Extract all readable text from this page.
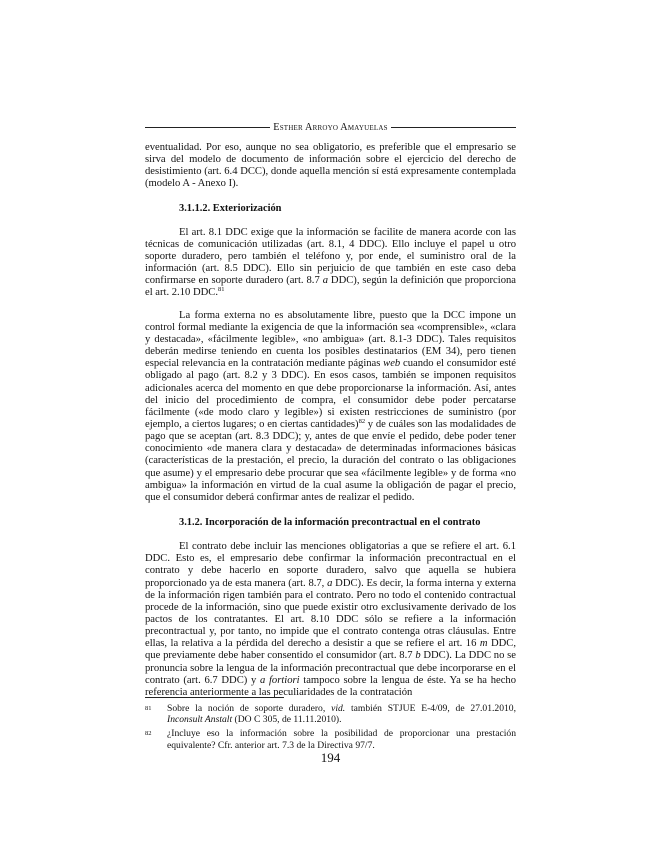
Esther Arroyo Amayuelas

eventualidad. Por eso, aunque no sea obligatorio, es preferible que el empresario se sirva del modelo de documento de información sobre el ejercicio del derecho de desistimiento (art. 6.4 DCC), donde aquella mención sí está expresamente contemplada (modelo A - Anexo I).

3.1.1.2. Exteriorización

El art. 8.1 DDC exige que la información se facilite de manera acorde con las técnicas de comunicación utilizadas (art. 8.1, 4 DDC). Ello incluye el papel u otro soporte duradero, pero también el teléfono y, por ende, el suministro oral de la información (art. 8.5 DDC). Ello sin perjuicio de que también en este caso deba confirmarse en soporte duradero (art. 8.7 a DDC), según la definición que proporciona el art. 2.10 DDC.$^{81}$

La forma externa no es absolutamente libre, puesto que la DCC impone un control formal mediante la exigencia de que la información sea «comprensible», «clara y destacada», «fácilmente legible», «no ambigua» (art. 8.1-3 DDC). Tales requisitos deberán medirse teniendo en cuenta los posibles destinatarios (EM 34), pero tienen especial relevancia en la contratación mediante páginas web cuando el consumidor esté obligado al pago (art. 8.2 y 3 DDC). En esos casos, también se imponen requisitos adicionales acerca del momento en que debe proporcionarse la información. Así, antes del inicio del procedimiento de compra, el consumidor debe poder percatarse fácilmente («de modo claro y legible») si existen restricciones de suministro (por ejemplo, a ciertos lugares; o en ciertas cantidades)$^{82}$ y de cuáles son las modalidades de pago que se aceptan (art. 8.3 DDC); y, antes de que envíe el pedido, debe poder tener conocimiento «de manera clara y destacada» de determinadas informaciones básicas (características de la prestación, el precio, la duración del contrato o las obligaciones que asume) y el empresario debe procurar que sea «fácilmente legible» y de forma «no ambigua» la información en virtud de la cual asume la obligación de pagar el precio, que el consumidor deberá confirmar antes de realizar el pedido.

3.1.2. Incorporación de la información precontractual en el contrato

El contrato debe incluir las menciones obligatorias a que se refiere el art. 6.1 DDC. Esto es, el empresario debe confirmar la información precontractual en el contrato y debe hacerlo en soporte duradero, salvo que aquella se hubiera proporcionado ya de esta manera (art. 8.7, a DDC). Es decir, la forma interna y externa de la información rigen también para el contrato. Pero no todo el contenido contractual procede de la información, sino que puede existir otro exclusivamente derivado de los pactos de los contratantes. El art. 8.10 DDC sólo se refiere a la información precontractual y, por tanto, no impide que el contrato contenga otras cláusulas. Entre ellas, la relativa a la pérdida del derecho a desistir a que se refiere el art. 16 m DDC, que previamente debe haber consentido el consumidor (art. 8.7 b DDC). La DDC no se pronuncia sobre la lengua de la información precontractual que debe incorporarse en el contrato (art. 6.7 DDC) y a fortiori tampoco sobre la lengua de éste. Ya se ha hecho referencia anteriormente a las peculiaridades de la contratación

81	Sobre la noción de soporte duradero, vid. también STJUE E-4/09, de 27.01.2010, Inconsult Anstalt (DO C 305, de 11.11.2010).
82	¿Incluye eso la información sobre la posibilidad de proporcionar una prestación equivalente? Cfr. anterior art. 7.3 de la Directiva 97/7.
194
